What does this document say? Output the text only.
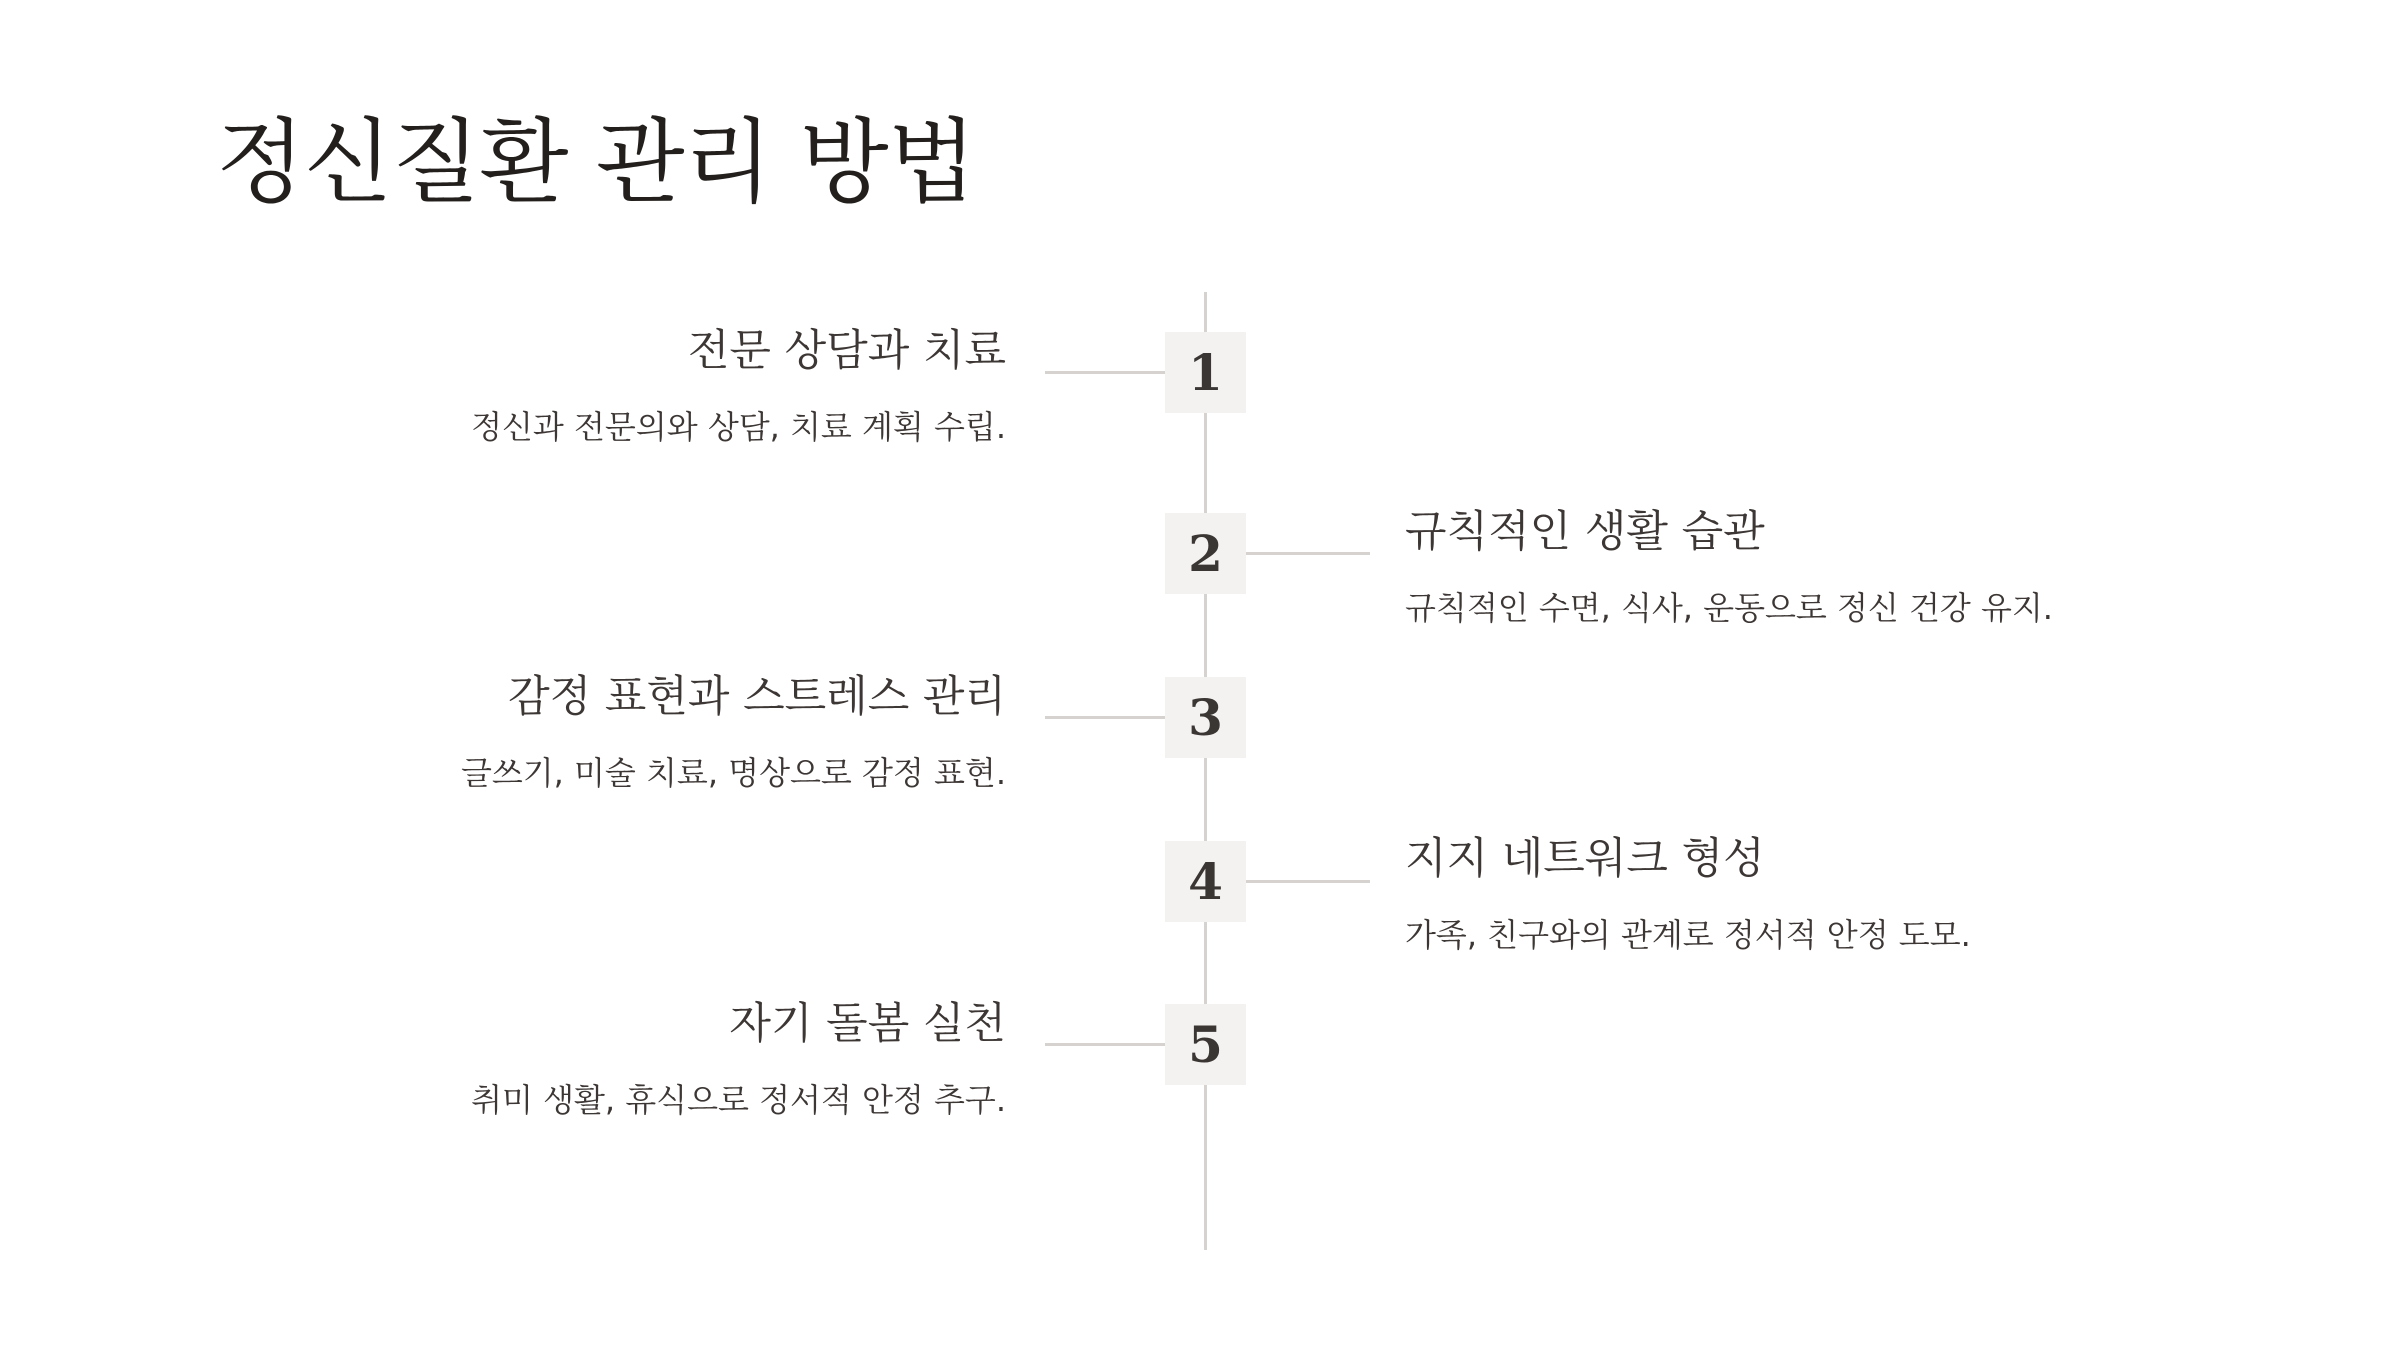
정신질환 관리 방법
전문 상담과 치료
정신과 전문의와 상담, 치료 계획 수립.
1
2	규칙적인 생활 습관
규칙적인 수면, 식사, 운동으로 정신 건강 유지.
감정 표현과 스트레스 관리
글쓰기, 미술 치료, 명상으로 감정 표현.
3
4	지지 네트워크 형성
가족, 친구와의 관계로 정서적 안정 도모.
자기 돌봄 실천
취미 생활, 휴식으로 정서적 안정 추구.
5
